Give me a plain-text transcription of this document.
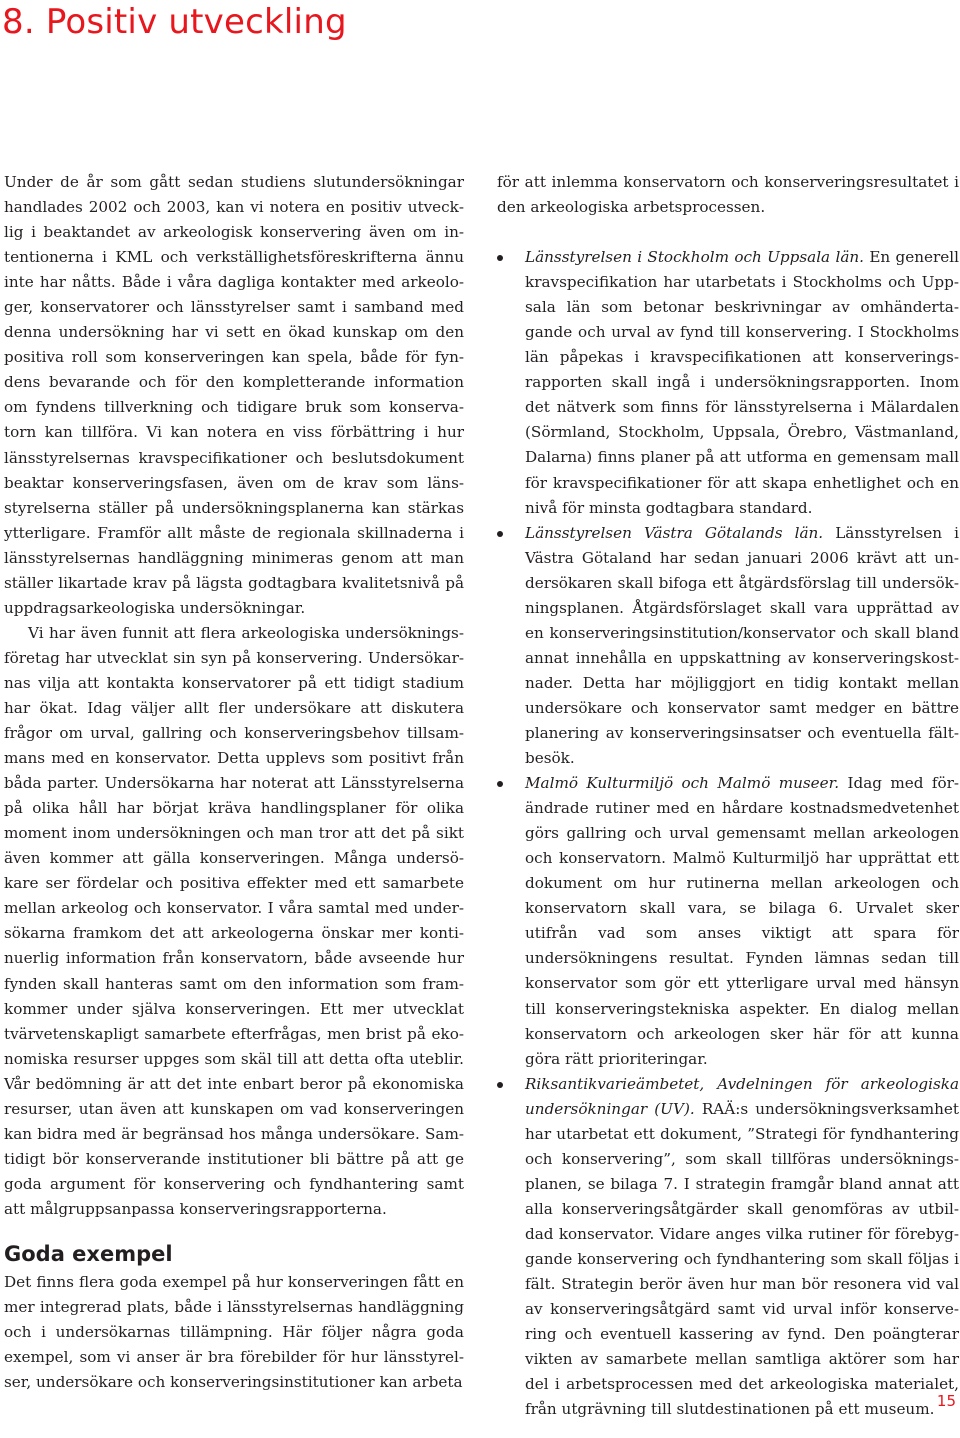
8. Positiv utveckling

Under de år som gått sedan studiens slutundersökningar handlades 2002 och 2003, kan vi notera en positiv utvecklig i beaktandet av arkeologisk konservering även om intentionerna i KML och verkställighetsföreskrifterna ännu inte har nåtts. Både i våra dagliga kontakter med arkeologer, konservatorer och länsstyrelser samt i samband med denna undersökning har vi sett en ökad kunskap om den positiva roll som konserveringen kan spela, både för fyndens bevarande och för den kompletterande information om fyndens tillverkning och tidigare bruk som konservatorn kan tillföra. Vi kan notera en viss förbättring i hur länsstyrelsernas kravspecifikationer och beslutsdokument beaktar konserveringsfasen, även om de krav som länsstyrelserna ställer på undersökningsplanerna kan stärkas ytterligare. Framför allt måste de regionala skillnaderna i länsstyrelsernas handläggning minimeras genom att man ställer likartade krav på lägsta godtagbara kvalitetsnivå på uppdragsarkeologiska undersökningar.

Vi har även funnit att flera arkeologiska undersökningsföretag har utvecklat sin syn på konservering. Undersökarnas vilja att kontakta konservatorer på ett tidigt stadium har ökat. Idag väljer allt fler undersökare att diskutera frågor om urval, gallring och konserveringsbehov tillsammans med en konservator. Detta upplevs som positivt från båda parter. Undersökarna har noterat att Länsstyrelserna på olika håll har börjat kräva handlingsplaner för olika moment inom undersökningen och man tror att det på sikt även kommer att gälla konserveringen. Många undersökare ser fördelar och positiva effekter med ett samarbete mellan arkeolog och konservator. I våra samtal med undersökarna framkom det att arkeologerna önskar mer kontinuerlig information från konservatorn, både avseende hur fynden skall hanteras samt om den information som framkommer under själva konserveringen. Ett mer utvecklat tvärvetenskapligt samarbete efterfrågas, men brist på ekonomiska resurser uppges som skäl till att detta ofta uteblir. Vår bedömning är att det inte enbart beror på ekonomiska resurser, utan även att kunskapen om vad konserveringen kan bidra med är begränsad hos många undersökare. Samtidigt bör konserverande institutioner bli bättre på att ge goda argument för konservering och fyndhantering samt att målgruppsanpassa konserveringsrapporterna.

Goda exempel

Det finns flera goda exempel på hur konserveringen fått en mer integrerad plats, både i länsstyrelsernas handläggning och i undersökarnas tillämpning. Här följer några goda exempel, som vi anser är bra förebilder för hur länsstyrelser, undersökare och konserveringsinstitutioner kan arbeta

för att inlemma konservatorn och konserveringsresultatet i den arkeologiska arbetsprocessen.

Länsstyrelsen i Stockholm och Uppsala län. En generell kravspecifikation har utarbetats i Stockholms och Uppsala län som betonar beskrivningar av omhändertagande och urval av fynd till konservering. I Stockholms län påpekas i kravspecifikationen att konserveringsrapporten skall ingå i undersökningsrapporten. Inom det nätverk som finns för länsstyrelserna i Mälardalen (Sörmland, Stockholm, Uppsala, Örebro, Västmanland, Dalarna) finns planer på att utforma en gemensam mall för kravspecifikationer för att skapa enhetlighet och en nivå för minsta godtagbara standard.
Länsstyrelsen Västra Götalands län. Länsstyrelsen i Västra Götaland har sedan januari 2006 krävt att undersökaren skall bifoga ett åtgärdsförslag till undersökningsplanen. Åtgärdsförslaget skall vara upprättad av en konserveringsinstitution/konservator och skall bland annat innehålla en uppskattning av konserveringskostnader. Detta har möjliggjort en tidig kontakt mellan undersökare och konservator samt medger en bättre planering av konserveringsinsatser och eventuella fältbesök.
Malmö Kulturmiljö och Malmö museer. Idag med förändrade rutiner med en hårdare kostnadsmedvetenhet görs gallring och urval gemensamt mellan arkeologen och konservatorn. Malmö Kulturmiljö har upprättat ett dokument om hur rutinerna mellan arkeologen och konservatorn skall vara, se bilaga 6. Urvalet sker utifrån vad som anses viktigt att spara för undersökningens resultat. Fynden lämnas sedan till konservator som gör ett ytterligare urval med hänsyn till konserveringstekniska aspekter. En dialog mellan konservatorn och arkeologen sker här för att kunna göra rätt prioriteringar.
Riksantikvarieämbetet, Avdelningen för arkeologiska undersökningar (UV). RAÄ:s undersökningsverksamhet har utarbetat ett dokument, ”Strategi för fyndhantering och konservering”, som skall tillföras undersökningsplanen, se bilaga 7. I strategin framgår bland annat att alla konserveringsåtgärder skall genomföras av utbildad konservator. Vidare anges vilka rutiner för förebyggande konservering och fyndhantering som skall följas i fält. Strategin berör även hur man bör resonera vid val av konserveringsåtgärd samt vid urval inför konservering och eventuell kassering av fynd. Den poängterar vikten av samarbete mellan samtliga aktörer som har del i arbetsprocessen med det arkeologiska materialet, från utgrävning till slutdestinationen på ett museum. 15
